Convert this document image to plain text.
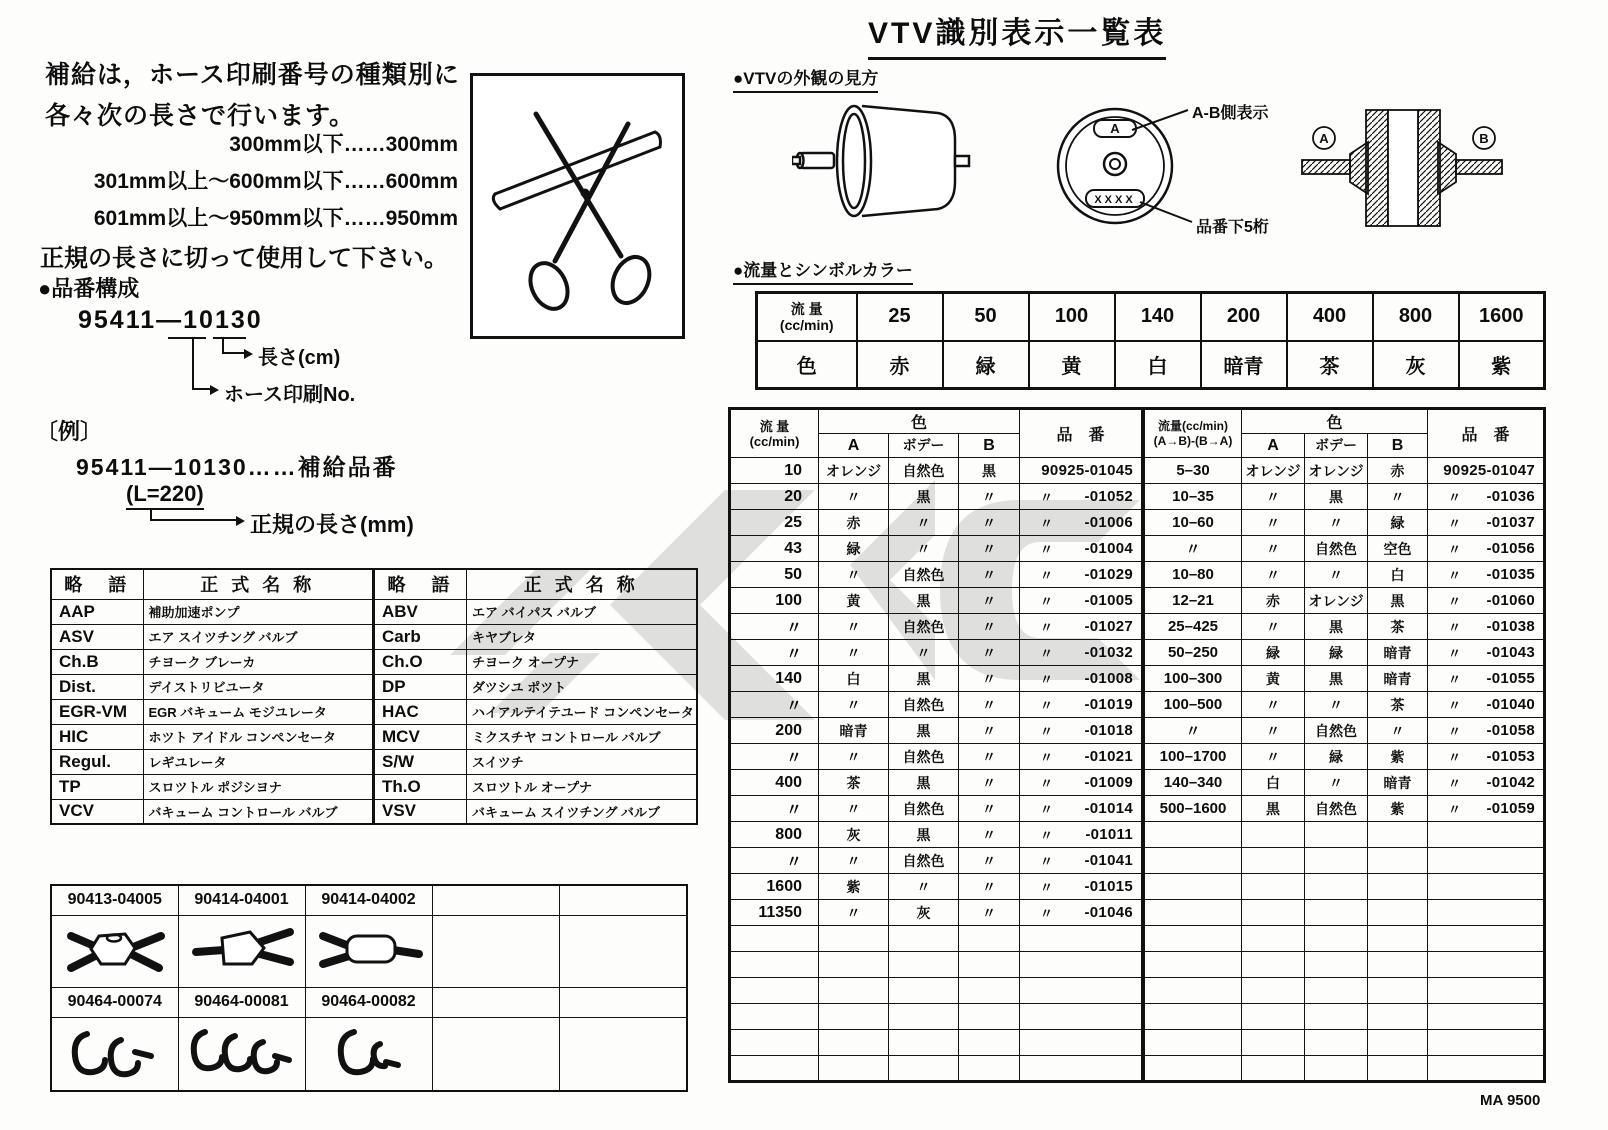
補給は，ホース印刷番号の種類別に
各々次の長さで行います。
300mm以下……300mm
301mm以上〜600mm以下……600mm
601mm以上〜950mm以下……950mm
正規の長さに切って使用して下さい。
●品番構成
95411—10130
長さ(cm)
ホース印刷No.
〔例〕
95411—10130……補給品番
(L=220)
正規の長さ(mm)
略　語	正 式 名 称
AAP	補助加速ポンプ
ASV	エア スイツチング バルブ
Ch.B	チヨーク ブレーカ
Dist.	デイストリビユータ
EGR-VM	EGR バキューム モジユレータ
HIC	ホツト アイドル コンペンセータ
Regul.	レギユレータ
TP	スロツトル ポジシヨナ
VCV	バキューム コントロール バルブ
略　語	正 式 名 称
ABV	エア バイパス バルブ
Carb	キヤブレタ
Ch.O	チヨーク オープナ
DP	ダツシユ ポツト
HAC	ハイアルテイテユード コンペンセータ
MCV	ミクスチヤ コントロール バルブ
S/W	スイツチ
Th.O	スロツトル オープナ
VSV	バキューム スイツチング バルブ
90413-04005	90414-04001	90414-04002		

90464-00074	90464-00081	90464-00082		

VTV識別表示一覧表
●VTVの外観の見方
A
XXXX
A-B側表示
品番下5桁
A	B
●流量とシンボルカラー
流 量
(cc/min)	25	50	100	140	200	400	800	1600
色	赤	緑	黄	白	暗青	茶	灰	紫
流 量
(cc/min)	色			品　番
	A	ボデー	B	
10	オレンジ	自然色	黒	90925-01045

20	〃	黒	〃	〃 -01052

25	赤	〃	〃	〃 -01006

43	緑	〃	〃	〃 -01004

50	〃	自然色	〃	〃 -01029

100	黄	黒	〃	〃 -01005

〃	〃	自然色	〃	〃 -01027

〃	〃	〃	〃	〃 -01032

140	白	黒	〃	〃 -01008

〃	〃	自然色	〃	〃 -01019

200	暗青	黒	〃	〃 -01018

〃	〃	自然色	〃	〃 -01021

400	茶	黒	〃	〃 -01009

〃	〃	自然色	〃	〃 -01014

800	灰	黒	〃	〃 -01011

〃	〃	自然色	〃	〃 -01041

1600	紫	〃	〃	〃 -01015

11350	〃	灰	〃	〃 -01046

流量(cc/min)
(A→B)-(B→A)	色			品　番
	A	ボデー	B	
5–30	オレンジ	オレンジ	赤	90925-01047

10–35	〃	黒	〃	〃 -01036

10–60	〃	〃	緑	〃 -01037

〃	〃	自然色	空色	〃 -01056

10–80	〃	〃	白	〃 -01035

12–21	赤	オレンジ	黒	〃 -01060

25–425	〃	黒	茶	〃 -01038

50–250	緑	緑	暗青	〃 -01043

100–300	黄	黒	暗青	〃 -01055

100–500	〃	〃	茶	〃 -01040

〃	〃	自然色	〃	〃 -01058

100–1700	〃	緑	紫	〃 -01053

140–340	白	〃	暗青	〃 -01042

500–1600	黒	自然色	紫	〃 -01059

MA 9500
